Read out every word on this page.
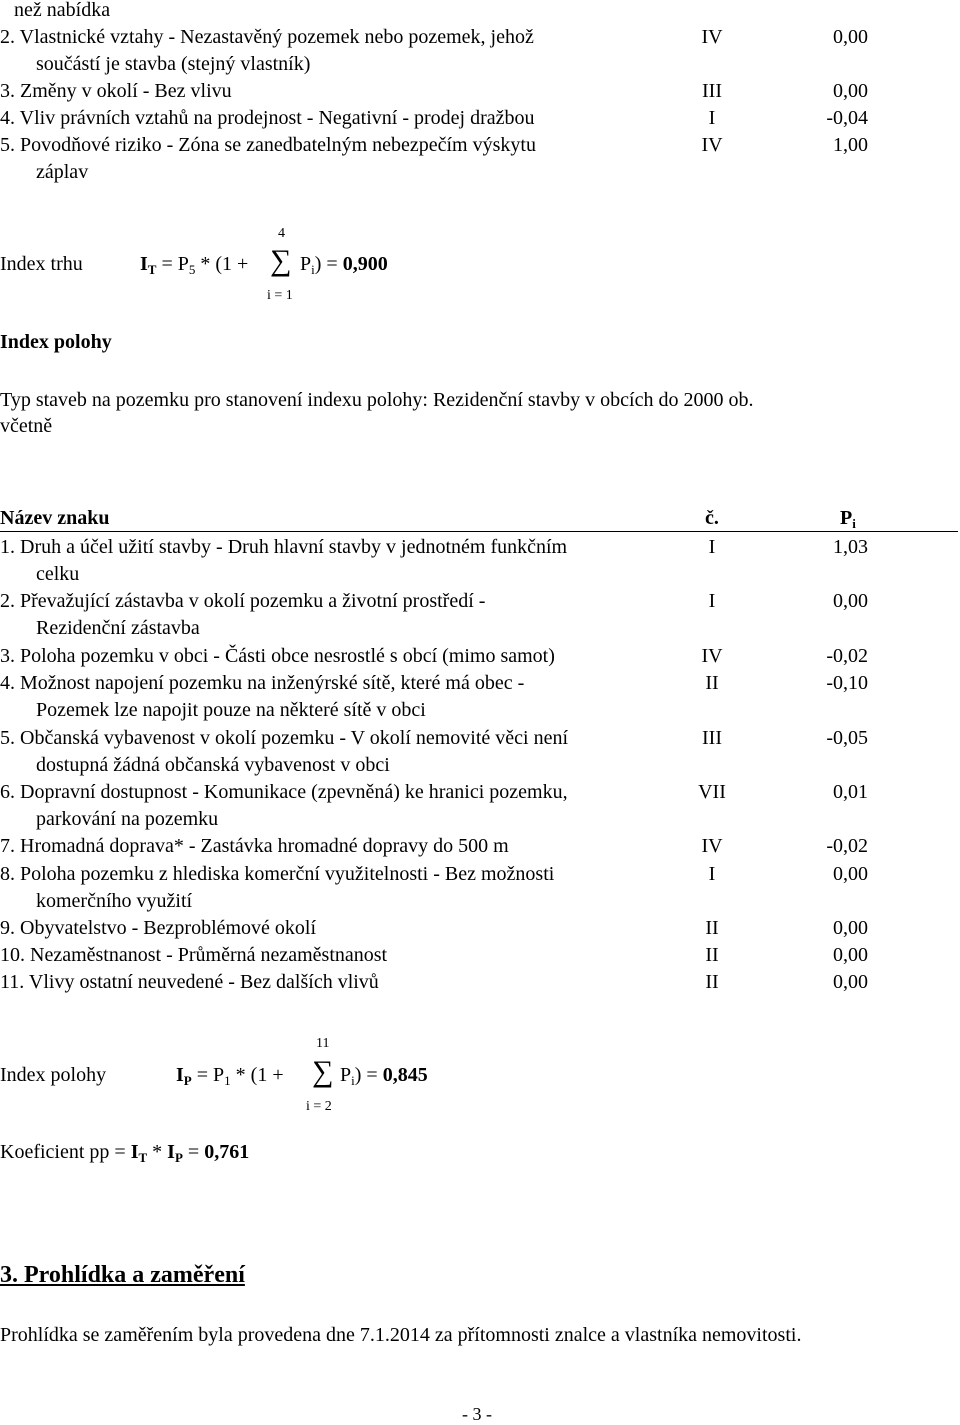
než nabídka
2. Vlastnické vztahy - Nezastavěný pozemek nebo pozemek, jehož
součástí je stavba (stejný vlastník)
IV	0,00
3. Změny v okolí - Bez vlivu	III	0,00
4. Vliv právních vztahů na prodejnost - Negativní - prodej dražbou	I	-0,04
5. Povodňové riziko - Zóna se zanedbatelným nebezpečím výskytu
záplav
IV	1,00
Index trhu	$I_T = P_5 * (1$ + ∑
4
i = 1
$P_i) = 0,900$
Index polohy
Typ staveb na pozemku pro stanovení indexu polohy: Rezidenční stavby v obcích do 2000 ob.
včetně
Název znaku	č.	$P_i$
1. Druh a účel užití stavby - Druh hlavní stavby v jednotném funkčním
celku
I	1,03
2. Převažující zástavba v okolí pozemku a životní prostředí -
Rezidenční zástavba
I	0,00
3. Poloha pozemku v obci - Části obce nesrostlé s obcí (mimo samot)	IV	-0,02
4. Možnost napojení pozemku na inženýrské sítě, které má obec -
Pozemek lze napojit pouze na některé sítě v obci
II	-0,10
5. Občanská vybavenost v okolí pozemku - V okolí nemovité věci není
dostupná žádná občanská vybavenost v obci
III	-0,05
6. Dopravní dostupnost - Komunikace (zpevněná) ke hranici pozemku,
parkování na pozemku
VII	0,01
7. Hromadná doprava* - Zastávka hromadné dopravy do 500 m	IV	-0,02
8. Poloha pozemku z hlediska komerční využitelnosti - Bez možnosti
komerčního využití
I	0,00
9. Obyvatelstvo - Bezproblémové okolí	II	0,00
10. Nezaměstnanost - Průměrná nezaměstnanost	II	0,00
11. Vlivy ostatní neuvedené - Bez dalších vlivů	II	0,00
Index polohy	$I_P = P_1 * (1$ + ∑
11
i = 2
$P_i) = 0,845$
Koeficient pp = $I_T * I_P = 0,761$
3. Prohlídka a zaměření
Prohlídka se zaměřením byla provedena dne 7.1.2014 za přítomnosti znalce a vlastníka nemovitosti.
- 3 -
